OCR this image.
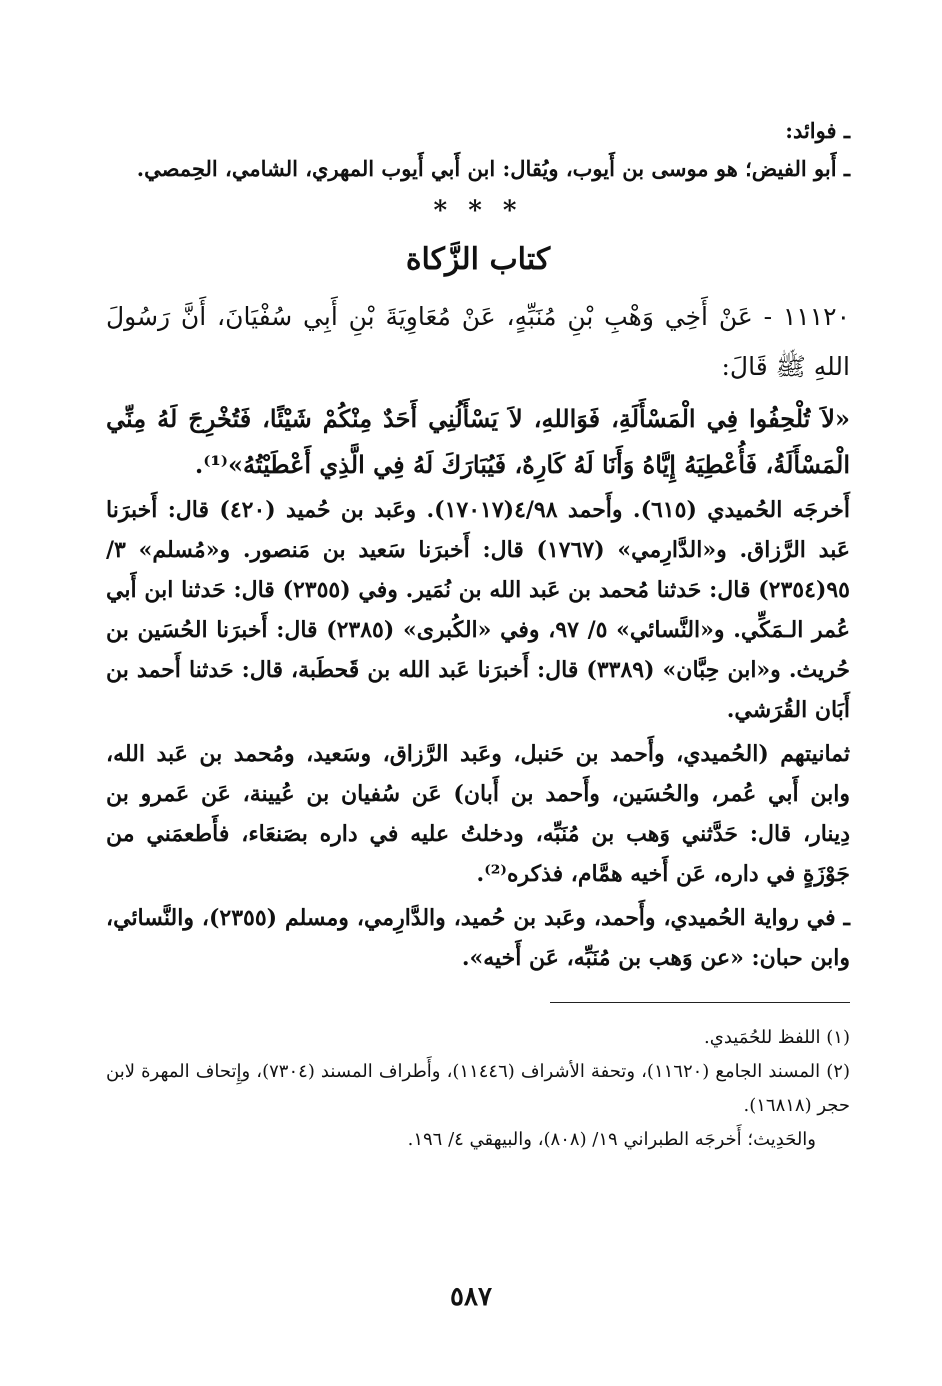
ـ فوائد:

ـ أَبو الفيض؛ هو موسى بن أَيوب، ويُقال: ابن أَبي أَيوب المهري، الشامي، الحِمصي.

* * *
كتاب الزَّكاة

١١١٢٠ - عَنْ أَخِي وَهْبِ بْنِ مُنَبِّهٍ، عَنْ مُعَاوِيَةَ بْنِ أَبِي سُفْيَانَ، أَنَّ رَسُولَ اللهِ ﷺ قَالَ:

«لاَ تُلْحِفُوا فِي الْمَسْأَلَةِ، فَوَاللهِ، لاَ يَسْأَلُنِي أَحَدٌ مِنْكُمْ شَيْئًا، فَتُخْرِجَ لَهُ مِنِّي الْمَسْأَلَةُ، فَأُعْطِيَهُ إِيَّاهُ وَأَنَا لَهُ كَارِهٌ، فَيُبَارَكَ لَهُ فِي الَّذِي أَعْطَيْتُهُ»⁽¹⁾.

أَخرجَه الحُميدي (٦١٥). وأَحمد ٤/٩٨(١٧٠١٧). وعَبد بن حُميد (٤٢٠) قال: أَخبرَنا عَبد الرَّزاق. و«الدَّارِمي» (١٧٦٧) قال: أَخبرَنا سَعيد بن مَنصور. و«مُسلم» ٣/ ٩٥(٢٣٥٤) قال: حَدثنا مُحمد بن عَبد الله بن نُمَير. وفي (٢٣٥٥) قال: حَدثنا ابن أَبي عُمر الـمَكِّي. و«النَّسائي» ٥/ ٩٧، وفي «الكُبرى» (٢٣٨٥) قال: أَخبرَنا الحُسَين بن حُريث. و«ابن حِبَّان» (٣٣٨٩) قال: أَخبرَنا عَبد الله بن قَحطَبة، قال: حَدثنا أَحمد بن أَبَان القُرَشي.

ثمانيتهم (الحُميدي، وأَحمد بن حَنبل، وعَبد الرَّزاق، وسَعيد، ومُحمد بن عَبد الله، وابن أَبي عُمر، والحُسَين، وأَحمد بن أَبان) عَن سُفيان بن عُيينة، عَن عَمرو بن دِينار، قال: حَدَّثني وَهب بن مُنَبِّه، ودخلتُ عليه في داره بصَنعَاء، فأَطعمَني من جَوْزَةٍ في داره، عَن أَخيه همَّام، فذكره⁽²⁾.

ـ في رواية الحُميدي، وأَحمد، وعَبد بن حُميد، والدَّارِمي، ومسلم (٢٣٥٥)، والنَّسائي، وابن حبان: «عن وَهب بن مُنَبِّه، عَن أَخيه».

(١) اللفظ للحُمَيدي.

(٢) المسند الجامع (١١٦٢٠)، وتحفة الأشراف (١١٤٤٦)، وأَطراف المسند (٧٣٠٤)، وإِتحاف المهرة لابن حجر (١٦٨١٨).

والحَدِيث؛ أَخرجَه الطبراني ١٩/ (٨٠٨)، والبيهقي ٤/ ١٩٦.

٥٨٧
